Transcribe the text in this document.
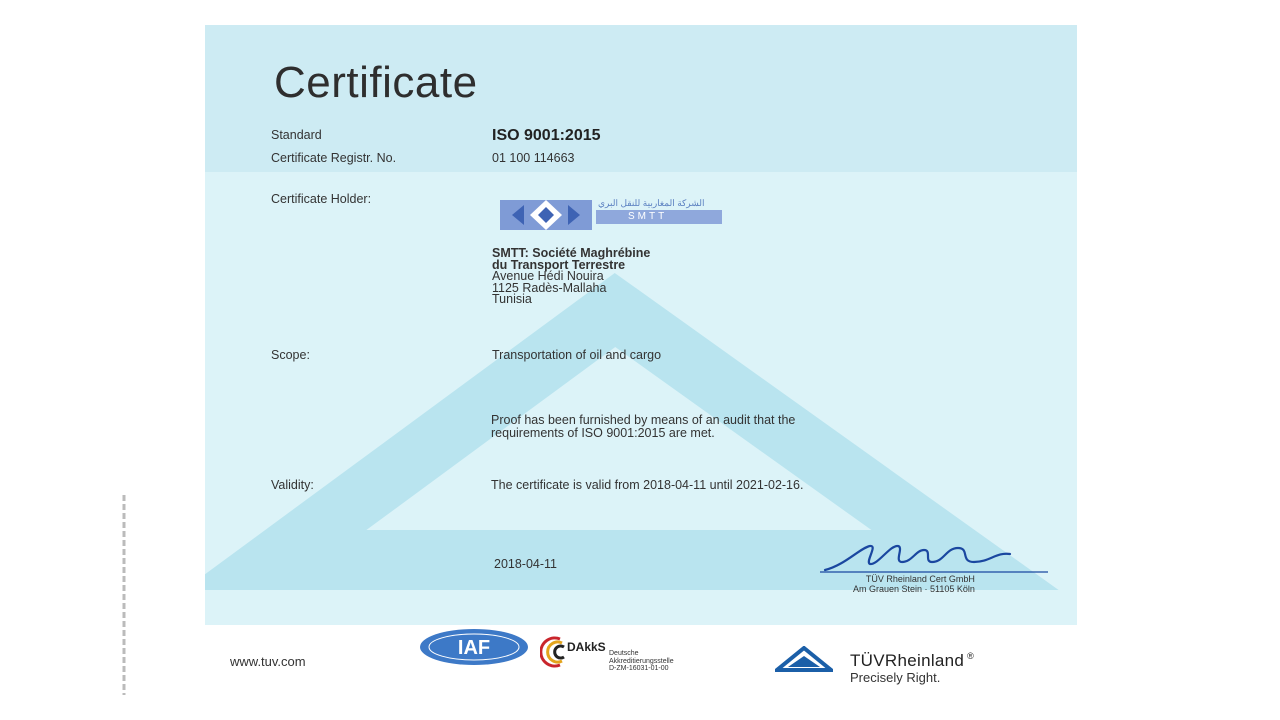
Certificate
Standard	ISO 9001:2015
Certificate Registr. No.	01 100 114663
Certificate Holder:	الشركة المغاربية للنقل البري
SMTT
SMTT: Société Maghrébine
du Transport Terrestre
Avenue Hédi Nouira
1125 Radès-Mallaha
Tunisia
Scope:	Transportation of oil and cargo
Proof has been furnished by means of an audit that the
requirements of ISO 9001:2015 are met.
Validity:	The certificate is valid from 2018-04-11 until 2021-02-16.
2018-04-11
TÜV Rheinland Cert GmbH
Am Grauen Stein · 51105 Köln
www.tuv.com
IAF	DAkkS Deutsche
Akkreditierungsstelle
D-ZM-16031-01-00	TÜVRheinland ®
Precisely Right.
